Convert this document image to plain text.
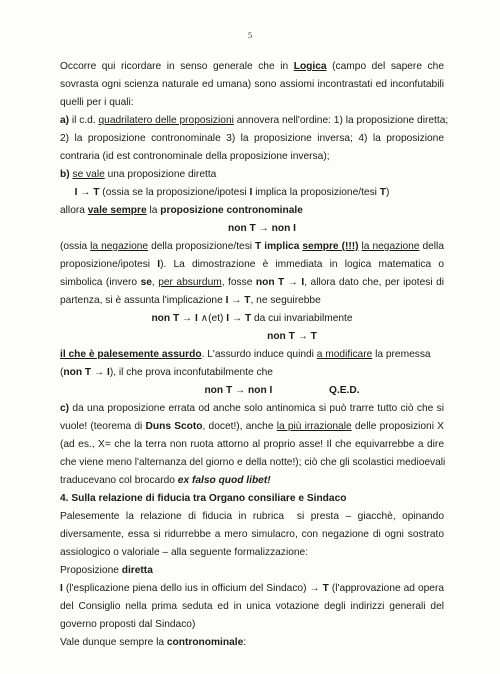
5
Occorre qui ricordare in senso generale che in Logica (campo del sapere che
sovrasta ogni scienza naturale ed umana) sono assiomi incontrastati ed inconfutabili
quelli per i quali:
a) il c.d. quadrilatero delle proposizioni annovera nell'ordine: 1) la proposizione diretta;
2) la proposizione contronominale 3) la proposizione inversa; 4) la proposizione
contraria (id est contronominale della proposizione inversa);
b) se vale una proposizione diretta
I → T (ossia se la proposizione/ipotesi I implica la proposizione/tesi T)
allora vale sempre la proposizione contronominale
non T → non I
(ossia la negazione della proposizione/tesi T implica sempre (!!!) la negazione della
proposizione/ipotesi I). La dimostrazione è immediata in logica matematica o
simbolica (invero se, per absurdum, fosse non T → I, allora dato che, per ipotesi di
partenza, si è assunta l'implicazione I → T, ne seguirebbe
non T → I ∧(et) I → T da cui invariabilmente
non T → T
il che è palesemente assurdo. L'assurdo induce quindi a modificare la premessa
(non T → I), il che prova inconfutabilmente che
non T → non I	Q.E.D.
c) da una proposizione errata od anche solo antinomica si può trarre tutto ciò che si
vuole! (teorema di Duns Scoto, docet!), anche la più irrazionale delle proposizioni X
(ad es., X= che la terra non ruota attorno al proprio asse! Il che equivarrebbe a dire
che viene meno l'alternanza del giorno e della notte!); ciò che gli scolastici medioevali
traducevano col brocardo ex falso quod libet!
4. Sulla relazione di fiducia tra Organo consiliare e Sindaco
Palesemente la relazione di fiducia in rubrica  si presta – giacchè, opinando
diversamente, essa si ridurrebbe a mero simulacro, con negazione di ogni sostrato
assiologico o valoriale – alla seguente formalizzazione:
Proposizione diretta
I (l'esplicazione piena dello ius in officium del Sindaco) → T (l'approvazione ad opera
del Consiglio nella prima seduta ed in unica votazione degli indirizzi generali del
governo proposti dal Sindaco)
Vale dunque sempre la contronominale:
